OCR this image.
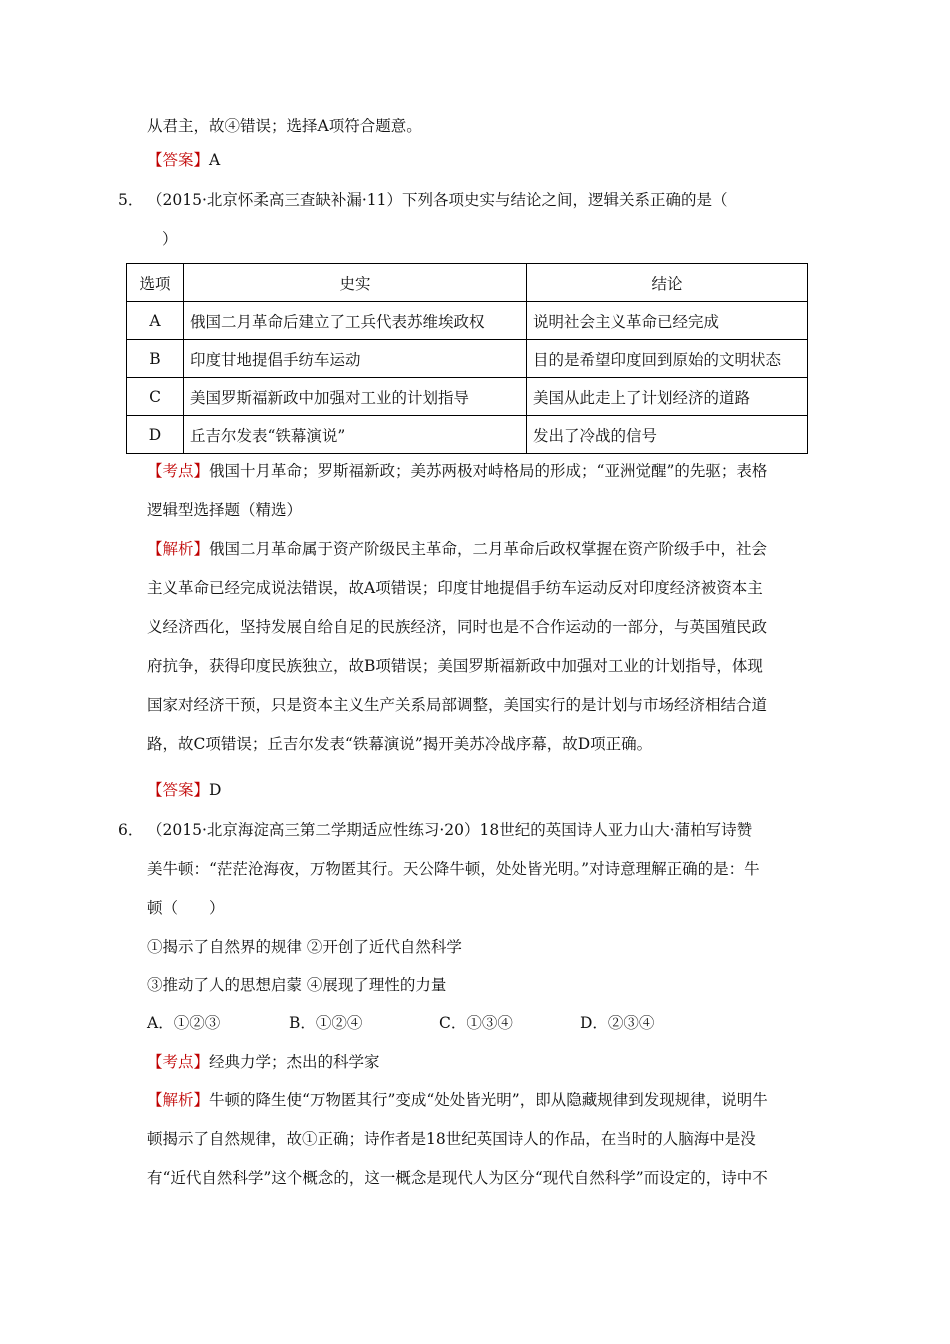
从君主，故④错误；选择A项符合题意。
【答案】A
5． （2015·北京怀柔高三查缺补漏·11）下列各项史实与结论之间，逻辑关系正确的是（
）
选项	史实	结论
A	俄国二月革命后建立了工兵代表苏维埃政权	说明社会主义革命已经完成
B	印度甘地提倡手纺车运动	目的是希望印度回到原始的文明状态
C	美国罗斯福新政中加强对工业的计划指导	美国从此走上了计划经济的道路
D	丘吉尔发表“铁幕演说”	发出了冷战的信号
【考点】俄国十月革命；罗斯福新政；美苏两极对峙格局的形成；“亚洲觉醒”的先驱；表格
逻辑型选择题（精选）
【解析】俄国二月革命属于资产阶级民主革命，二月革命后政权掌握在资产阶级手中，社会
主义革命已经完成说法错误，故A项错误；印度甘地提倡手纺车运动反对印度经济被资本主
义经济西化，坚持发展自给自足的民族经济，同时也是不合作运动的一部分，与英国殖民政
府抗争，获得印度民族独立，故B项错误；美国罗斯福新政中加强对工业的计划指导，体现
国家对经济干预，只是资本主义生产关系局部调整，美国实行的是计划与市场经济相结合道
路，故C项错误；丘吉尔发表“铁幕演说”揭开美苏冷战序幕，故D项正确。
【答案】D
6． （2015·北京海淀高三第二学期适应性练习·20）18世纪的英国诗人亚力山大·蒲柏写诗赞
美牛顿：“茫茫沧海夜，万物匿其行。天公降牛顿，处处皆光明。”对诗意理解正确的是：牛
顿（　　）
①揭示了自然界的规律 ②开创了近代自然科学
③推动了人的思想启蒙 ④展现了理性的力量
A．①②③	B．①②④	C．①③④	D．②③④
【考点】经典力学；杰出的科学家
【解析】牛顿的降生使“万物匿其行”变成“处处皆光明”，即从隐藏规律到发现规律，说明牛
顿揭示了自然规律，故①正确；诗作者是18世纪英国诗人的作品，在当时的人脑海中是没
有“近代自然科学”这个概念的，这一概念是现代人为区分“现代自然科学”而设定的，诗中不
